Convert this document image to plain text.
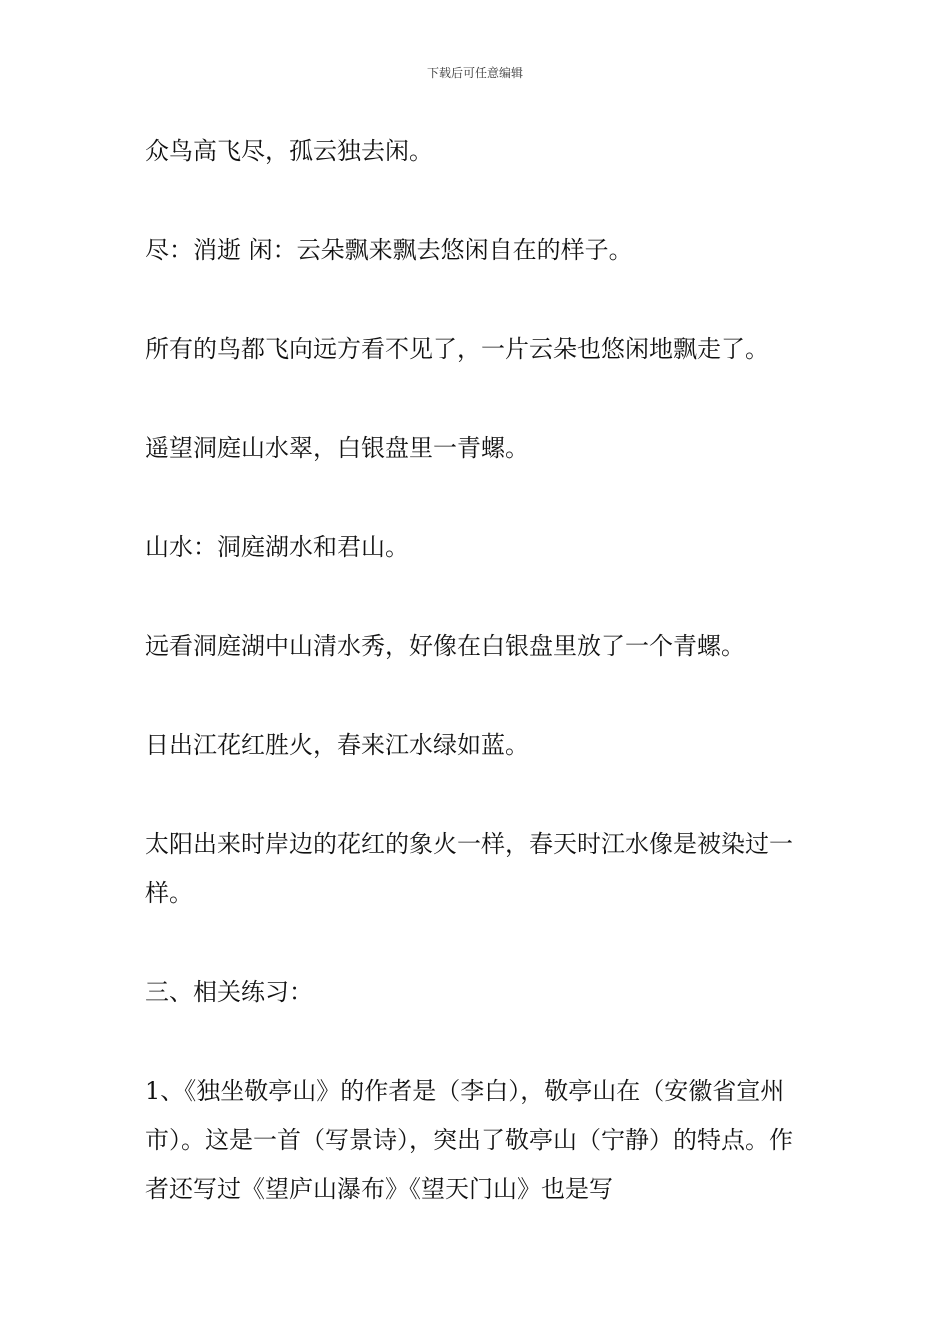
下载后可任意编辑

众鸟高飞尽，孤云独去闲。

尽：消逝 闲：云朵飘来飘去悠闲自在的样子。

所有的鸟都飞向远方看不见了，一片云朵也悠闲地飘走了。

遥望洞庭山水翠，白银盘里一青螺。

山水：洞庭湖水和君山。

远看洞庭湖中山清水秀，好像在白银盘里放了一个青螺。

日出江花红胜火，春来江水绿如蓝。

太阳出来时岸边的花红的象火一样，春天时江水像是被染过一样。

三、相关练习：

1、《独坐敬亭山》的作者是（李白），敬亭山在（安徽省宣州市）。这是一首（写景诗），突出了敬亭山（宁静）的特点。作者还写过《望庐山瀑布》《望天门山》也是写
